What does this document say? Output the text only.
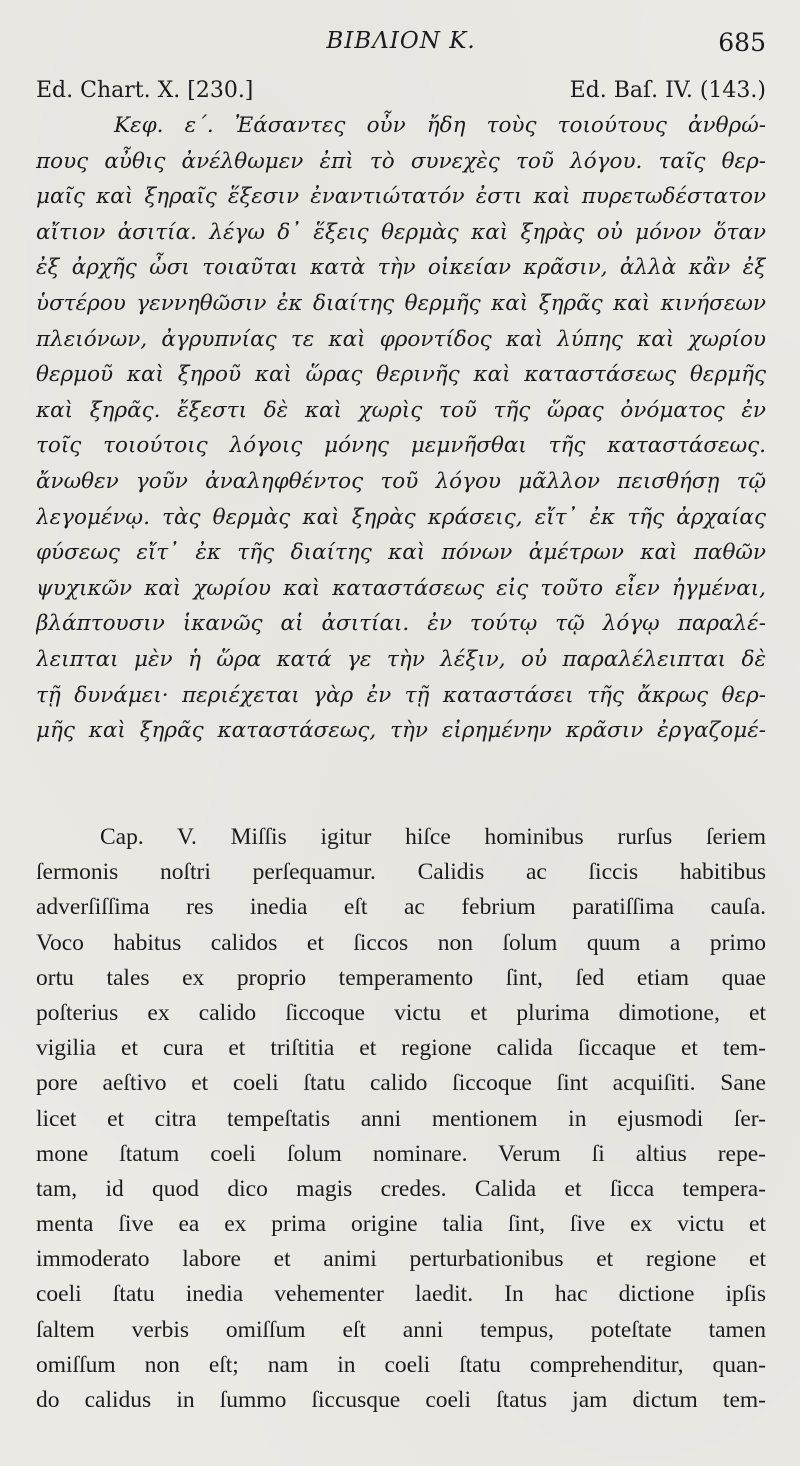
ΒΙΒΛΙΟΝ Κ.	685
Ed. Chart. X. [230.]	Ed. Baſ. IV. (143.)
Κεφ. ε΄. Ἐάσαντες οὖν ἤδη τοὺς τοιούτους ἀνθρώ-
πους αὖθις ἀνέλθωμεν ἐπὶ τὸ συνεχὲς τοῦ λόγου. ταῖς θερ-
μαῖς καὶ ξηραῖς ἕξεσιν ἐναντιώτατόν ἐστι καὶ πυρετωδέστατον
αἴτιον ἀσιτία. λέγω δ᾽ ἕξεις θερμὰς καὶ ξηρὰς οὐ μόνον ὅταν
ἐξ ἀρχῆς ὦσι τοιαῦται κατὰ τὴν οἰκείαν κρᾶσιν, ἀλλὰ κἂν ἐξ
ὑστέρου γεννηθῶσιν ἐκ διαίτης θερμῆς καὶ ξηρᾶς καὶ κινήσεων
πλειόνων, ἀγρυπνίας τε καὶ φροντίδος καὶ λύπης καὶ χωρίου
θερμοῦ καὶ ξηροῦ καὶ ὥρας θερινῆς καὶ καταστάσεως θερμῆς
καὶ ξηρᾶς. ἔξεστι δὲ καὶ χωρὶς τοῦ τῆς ὥρας ὀνόματος ἐν
τοῖς τοιούτοις λόγοις μόνης μεμνῆσθαι τῆς καταστάσεως.
ἄνωθεν γοῦν ἀναληφθέντος τοῦ λόγου μᾶλλον πεισθήσῃ τῷ
λεγομένῳ. τὰς θερμὰς καὶ ξηρὰς κράσεις, εἴτ᾽ ἐκ τῆς ἀρχαίας
φύσεως εἴτ᾽ ἐκ τῆς διαίτης καὶ πόνων ἀμέτρων καὶ παθῶν
ψυχικῶν καὶ χωρίου καὶ καταστάσεως εἰς τοῦτο εἶεν ἠγμέναι,
βλάπτουσιν ἱκανῶς αἱ ἀσιτίαι. ἐν τούτῳ τῷ λόγῳ παραλέ-
λειπται μὲν ἡ ὥρα κατά γε τὴν λέξιν, οὐ παραλέλειπται δὲ
τῇ δυνάμει· περιέχεται γὰρ ἐν τῇ καταστάσει τῆς ἄκρως θερ-
μῆς καὶ ξηρᾶς καταστάσεως, τὴν εἰρημένην κρᾶσιν ἐργαζομέ-
Cap. V. Miſſis igitur hiſce hominibus rurſus ſeriem
ſermonis noſtri perſequamur. Calidis ac ſiccis habitibus
adverſiſſima res inedia eſt ac febrium paratiſſima cauſa.
Voco habitus calidos et ſiccos non ſolum quum a primo
ortu tales ex proprio temperamento ſint, ſed etiam quae
poſterius ex calido ſiccoque victu et plurima dimotione, et
vigilia et cura et triſtitia et regione calida ſiccaque et tem-
pore aeſtivo et coeli ſtatu calido ſiccoque ſint acquiſiti. Sane
licet et citra tempeſtatis anni mentionem in ejusmodi ſer-
mone ſtatum coeli ſolum nominare. Verum ſi altius repe-
tam, id quod dico magis credes. Calida et ſicca tempera-
menta ſive ea ex prima origine talia ſint, ſive ex victu et
immoderato labore et animi perturbationibus et regione et
coeli ſtatu inedia vehementer laedit. In hac dictione ipſis
ſaltem verbis omiſſum eſt anni tempus, poteſtate tamen
omiſſum non eſt; nam in coeli ſtatu comprehenditur, quan-
do calidus in ſummo ſiccusque coeli ſtatus jam dictum tem-
